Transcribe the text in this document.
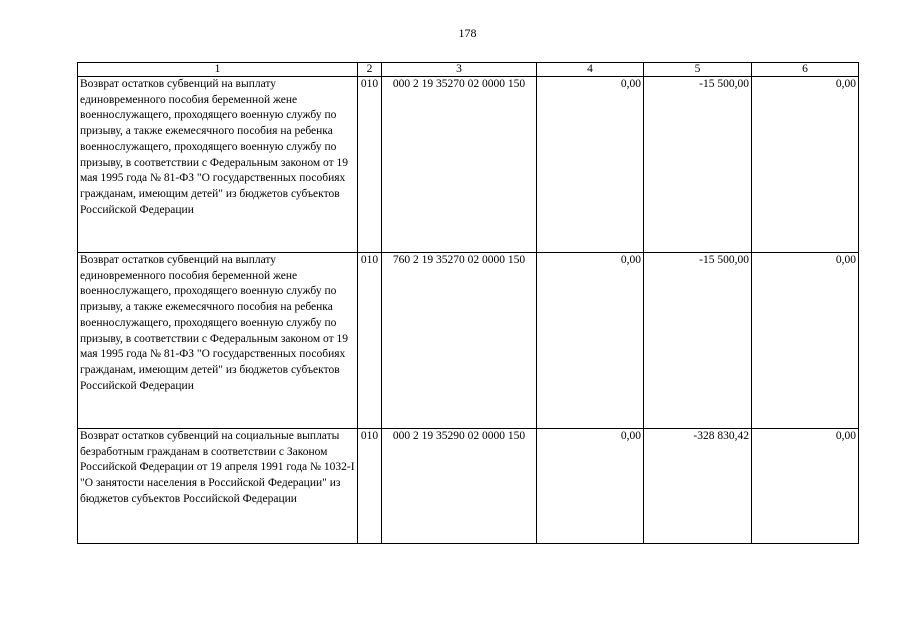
178
1	2	3	4	5	6
Возврат остатков субвенций на выплату единовременного пособия беременной жене военнослужащего, проходящего военную службу по призыву, а также ежемесячного пособия на ребенка военнослужащего, проходящего военную службу по призыву, в соответствии с Федеральным законом от 19 мая 1995 года № 81-ФЗ "О государственных пособиях гражданам, имеющим детей" из бюджетов субъектов Российской Федерации	010	000 2 19 35270 02 0000 150	0,00	-15 500,00	0,00
Возврат остатков субвенций на выплату единовременного пособия беременной жене военнослужащего, проходящего военную службу по призыву, а также ежемесячного пособия на ребенка военнослужащего, проходящего военную службу по призыву, в соответствии с Федеральным законом от 19 мая 1995 года № 81-ФЗ "О государственных пособиях гражданам, имеющим детей" из бюджетов субъектов Российской Федерации	010	760 2 19 35270 02 0000 150	0,00	-15 500,00	0,00
Возврат остатков субвенций на социальные выплаты безработным гражданам в соответствии с Законом Российской Федерации от 19 апреля 1991 года № 1032-I "О занятости населения в Российской Федерации" из бюджетов субъектов Российской Федерации	010	000 2 19 35290 02 0000 150	0,00	-328 830,42	0,00
